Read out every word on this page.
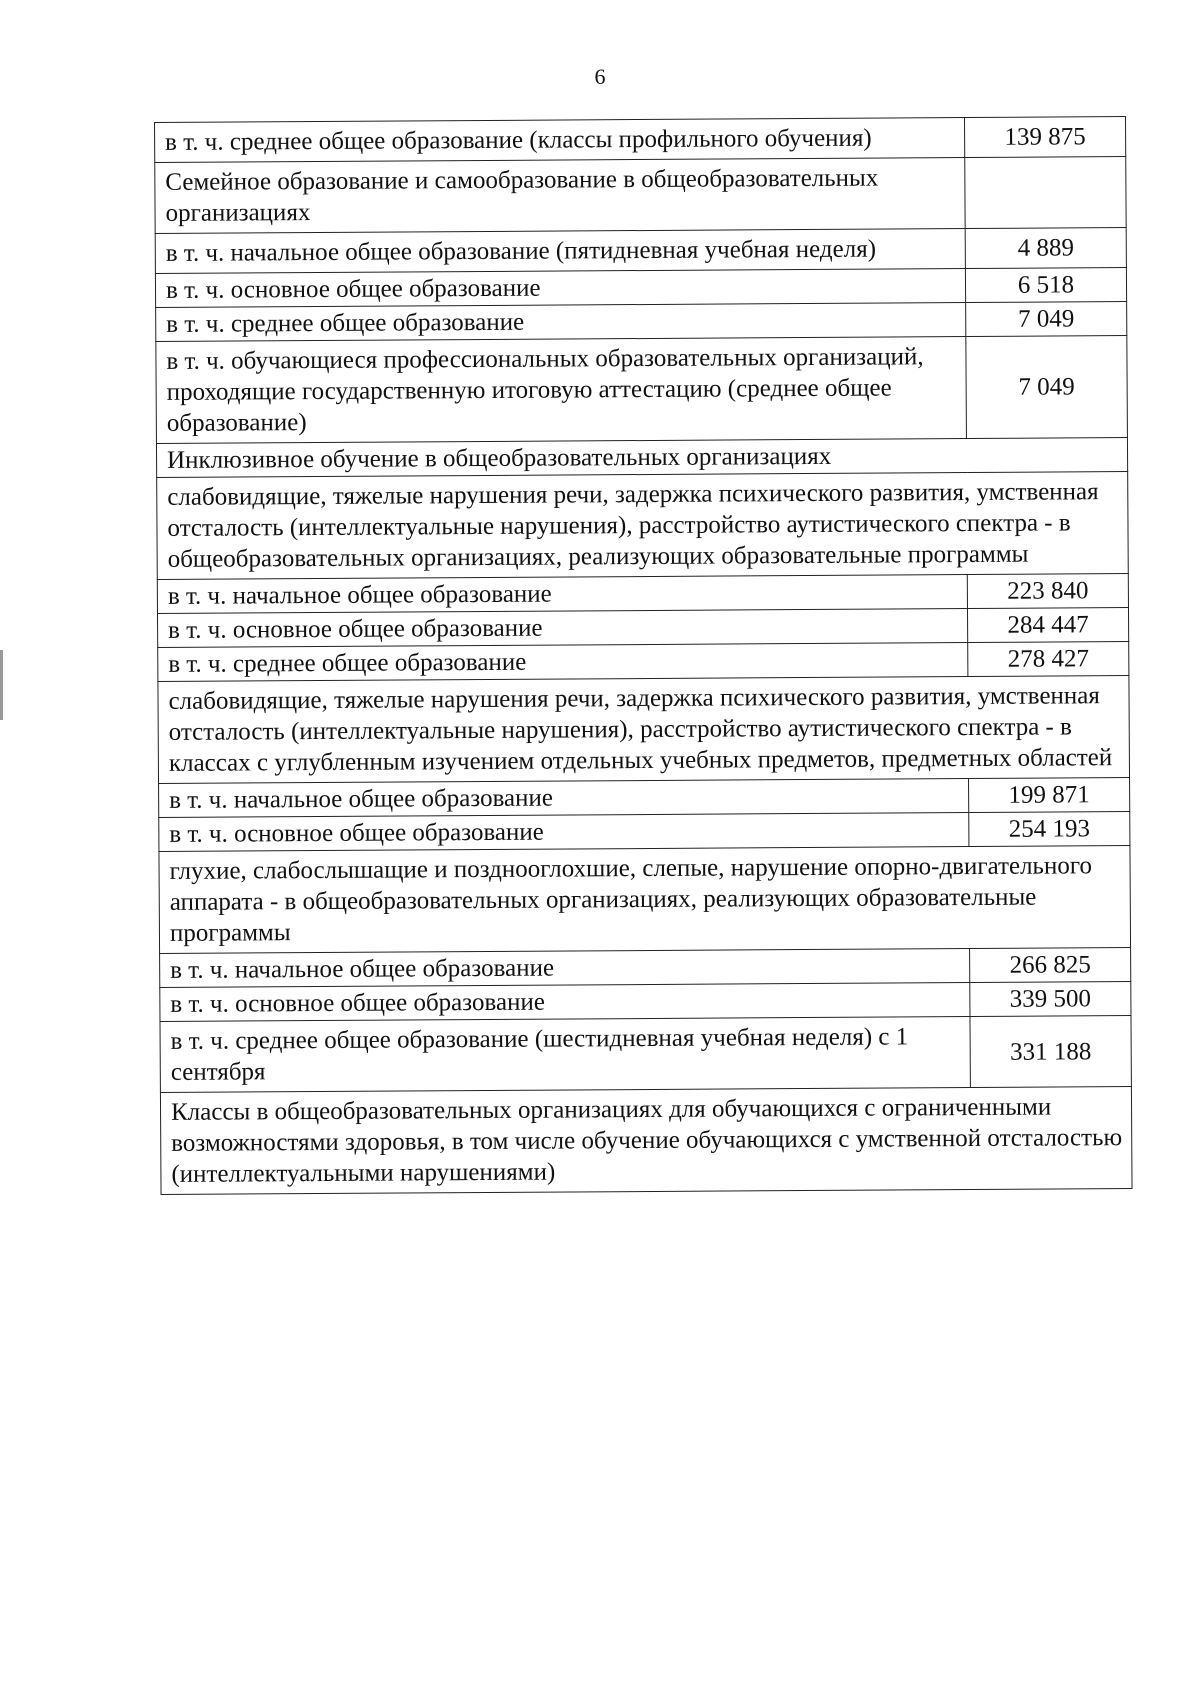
6
в т. ч. среднее общее образование (классы профильного обучения)	139 875
Семейное образование и самообразование в общеобразовательных организациях	
в т. ч. начальное общее образование (пятидневная учебная неделя)	4 889
в т. ч. основное общее образование	6 518
в т. ч. среднее общее образование	7 049
в т. ч. обучающиеся профессиональных образовательных организаций, проходящие государственную итоговую аттестацию (среднее общее образование)	7 049
Инклюзивное обучение в общеобразовательных организациях	
слабовидящие, тяжелые нарушения речи, задержка психического развития, умственная отсталость (интеллектуальные нарушения), расстройство аутистического спектра - в общеобразовательных организациях, реализующих образовательные программы	
в т. ч. начальное общее образование	223 840
в т. ч. основное общее образование	284 447
в т. ч. среднее общее образование	278 427
слабовидящие, тяжелые нарушения речи, задержка психического развития, умственная отсталость (интеллектуальные нарушения), расстройство аутистического спектра - в классах с углубленным изучением отдельных учебных предметов, предметных областей	
в т. ч. начальное общее образование	199 871
в т. ч. основное общее образование	254 193
глухие, слабослышащие и позднооглохшие, слепые, нарушение опорно-двигательного аппарата - в общеобразовательных организациях, реализующих образовательные программы	
в т. ч. начальное общее образование	266 825
в т. ч. основное общее образование	339 500
в т. ч. среднее общее образование (шестидневная учебная неделя) с 1 сентября	331 188
Классы в общеобразовательных организациях для обучающихся с ограниченными возможностями здоровья, в том числе обучение обучающихся с умственной отсталостью (интеллектуальными нарушениями)	
